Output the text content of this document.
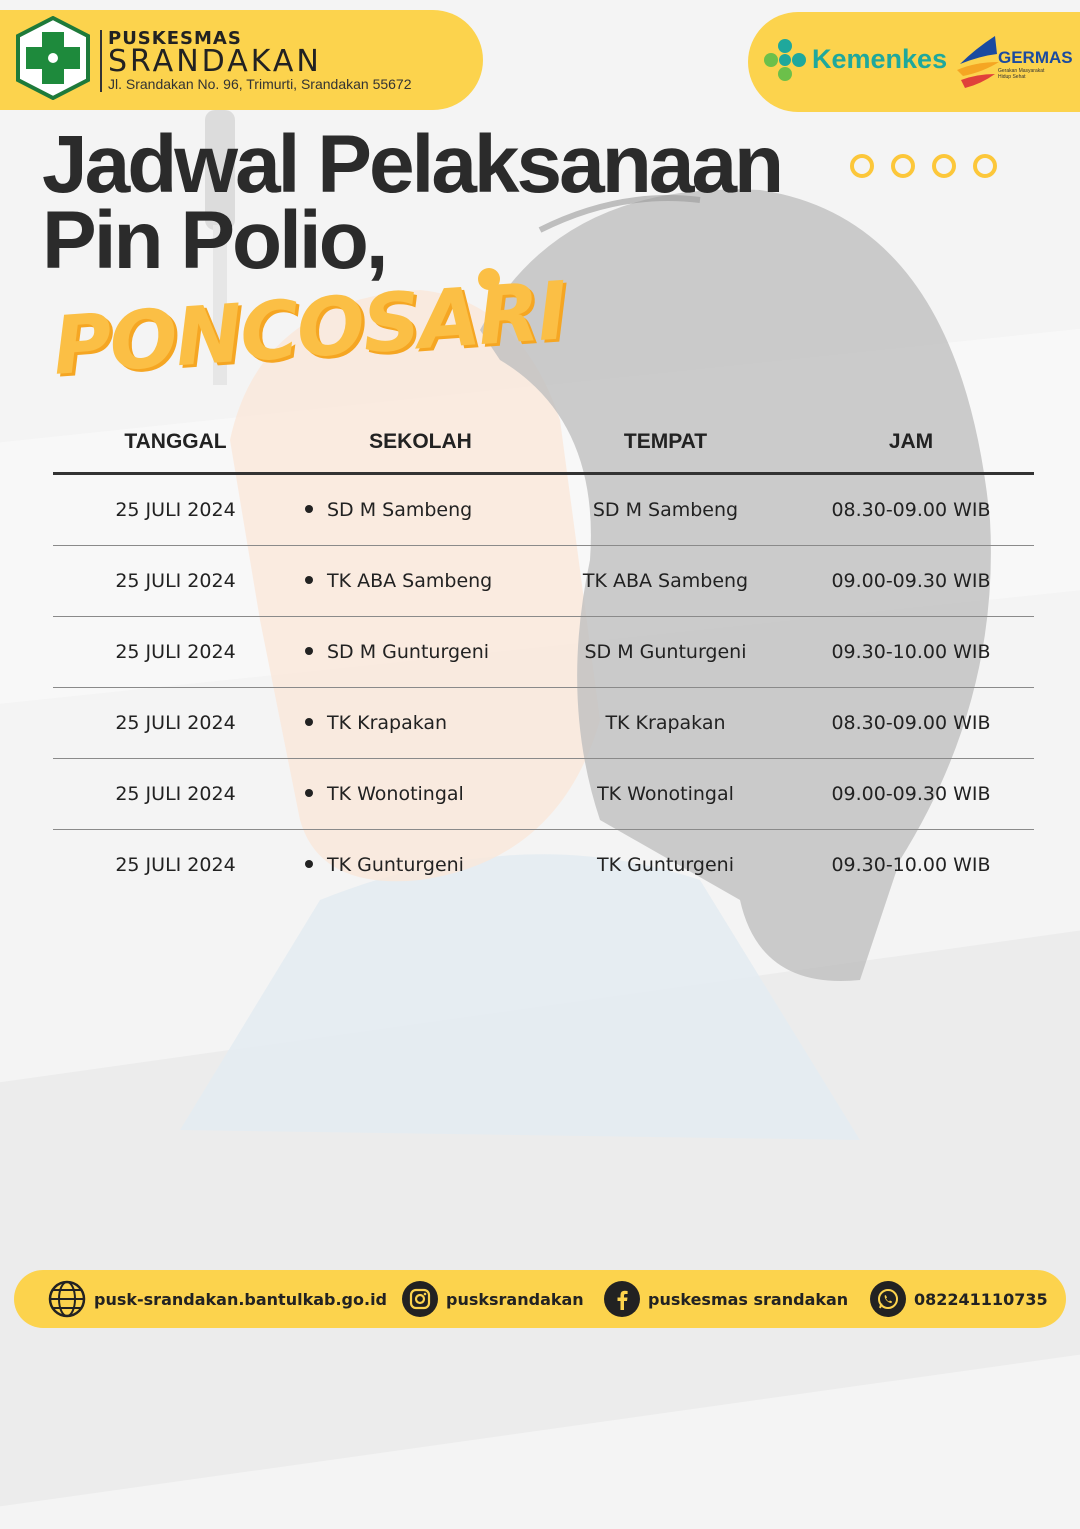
PUSKESMAS
SRANDAKAN
Jl. Srandakan No. 96, Trimurti, Srandakan 55672
Kemenkes	GERMAS
Gerakan Masyarakat Hidup Sehat
Jadwal Pelaksanaan
Pin Polio,
PONCOSARI
TANGGAL	SEKOLAH	TEMPAT	JAM
25 JULI 2024	SD M Sambeng	SD M Sambeng	08.30-09.00 WIB
25 JULI 2024	TK ABA Sambeng	TK ABA Sambeng	09.00-09.30 WIB
25 JULI 2024	SD M Gunturgeni	SD M Gunturgeni	09.30-10.00 WIB
25 JULI 2024	TK Krapakan	TK Krapakan	08.30-09.00 WIB
25 JULI 2024	TK Wonotingal	TK Wonotingal	09.00-09.30 WIB
25 JULI 2024	TK Gunturgeni	TK Gunturgeni	09.30-10.00 WIB
pusk-srandakan.bantulkab.go.id	pusksrandakan	puskesmas srandakan	082241110735
